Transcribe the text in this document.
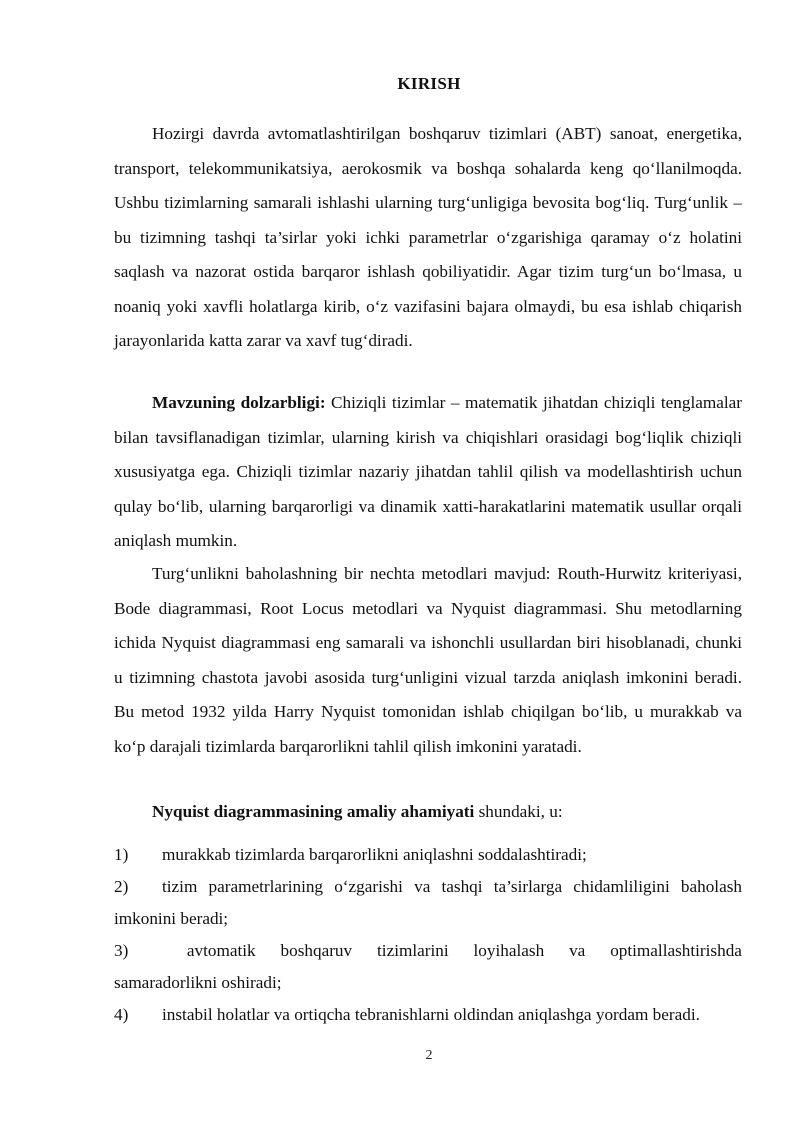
KIRISH

Hozirgi davrda avtomatlashtirilgan boshqaruv tizimlari (ABT) sanoat, energetika, transport, telekommunikatsiya, aerokosmik va boshqa sohalarda keng qo‘llanilmoqda. Ushbu tizimlarning samarali ishlashi ularning turg‘unligiga bevosita bog‘liq. Turg‘unlik – bu tizimning tashqi ta’sirlar yoki ichki parametrlar o‘zgarishiga qaramay o‘z holatini saqlash va nazorat ostida barqaror ishlash qobiliyatidir. Agar tizim turg‘un bo‘lmasa, u noaniq yoki xavfli holatlarga kirib, o‘z vazifasini bajara olmaydi, bu esa ishlab chiqarish jarayonlarida katta zarar va xavf tug‘diradi.

Mavzuning dolzarbligi: Chiziqli tizimlar – matematik jihatdan chiziqli tenglamalar bilan tavsiflanadigan tizimlar, ularning kirish va chiqishlari orasidagi bog‘liqlik chiziqli xususiyatga ega. Chiziqli tizimlar nazariy jihatdan tahlil qilish va modellashtirish uchun qulay bo‘lib, ularning barqarorligi va dinamik xatti-harakatlarini matematik usullar orqali aniqlash mumkin.

Turg‘unlikni baholashning bir nechta metodlari mavjud: Routh-Hurwitz kriteriyasi, Bode diagrammasi, Root Locus metodlari va Nyquist diagrammasi. Shu metodlarning ichida Nyquist diagrammasi eng samarali va ishonchli usullardan biri hisoblanadi, chunki u tizimning chastota javobi asosida turg‘unligini vizual tarzda aniqlash imkonini beradi. Bu metod 1932 yilda Harry Nyquist tomonidan ishlab chiqilgan bo‘lib, u murakkab va ko‘p darajali tizimlarda barqarorlikni tahlil qilish imkonini yaratadi.

Nyquist diagrammasining amaliy ahamiyati shundaki, u:

1) murakkab tizimlarda barqarorlikni aniqlashni soddalashtiradi;
2) tizim parametrlarining o‘zgarishi va tashqi ta’sirlarga chidamliligini baholash imkonini beradi;
3)	avtomatik boshqaruv tizimlarini loyihalash va optimallashtirishda
samaradorlikni oshiradi;
4) instabil holatlar va ortiqcha tebranishlarni oldindan aniqlashga yordam beradi.
2
